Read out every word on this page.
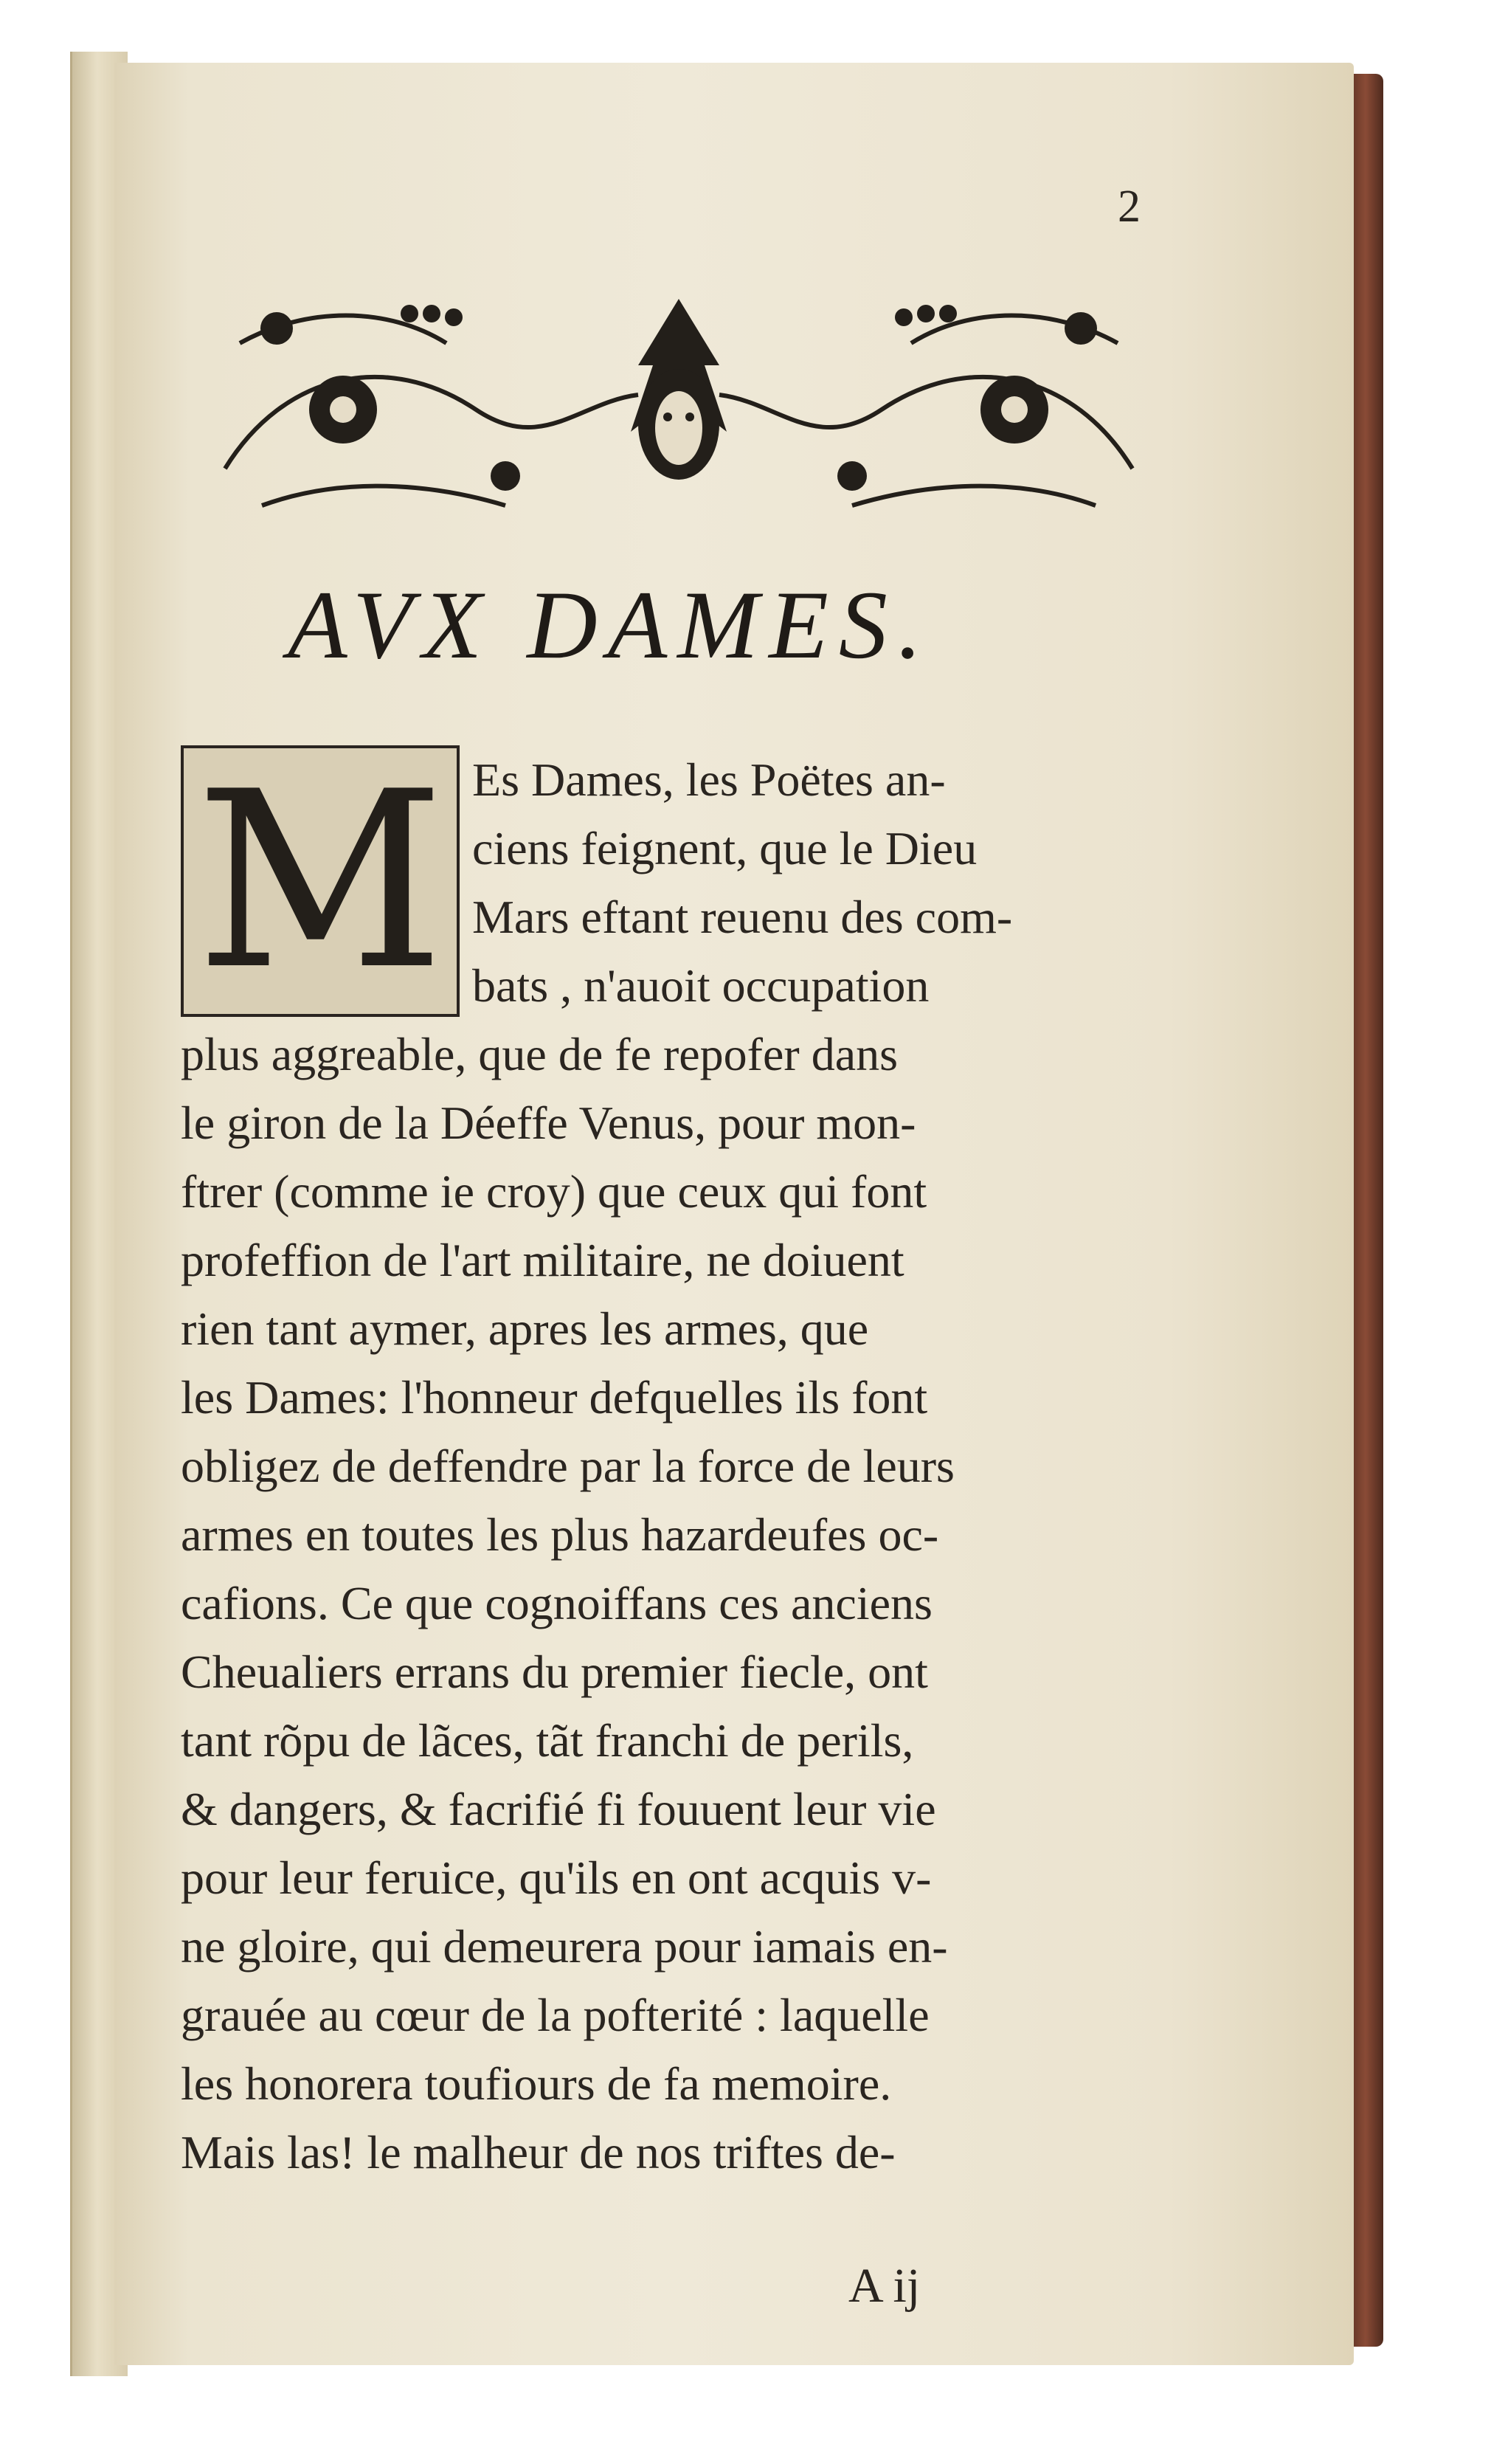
2
AVX DAMES.
M Es Dames, les Poëtes an-
ciens feignent, que le Dieu
Mars eftant reuenu des com-
bats , n'auoit occupation
plus aggreable, que de fe repofer dans
le giron de la Déeffe Venus, pour mon-
ftrer (comme ie croy) que ceux qui font
profeffion de l'art militaire, ne doiuent
rien tant aymer, apres les armes, que
les Dames: l'honneur defquelles ils font
obligez de deffendre par la force de leurs
armes en toutes les plus hazardeufes oc-
cafions. Ce que cognoiffans ces anciens
Cheualiers errans du premier fiecle, ont
tant rõpu de lãces, tãt franchi de perils,
& dangers, & facrifié fi fouuent leur vie
pour leur feruice, qu'ils en ont acquis v-
ne gloire, qui demeurera pour iamais en-
grauée au cœur de la pofterité : laquelle
les honorera toufiours de fa memoire.
Mais las! le malheur de nos triftes de-
A ij
